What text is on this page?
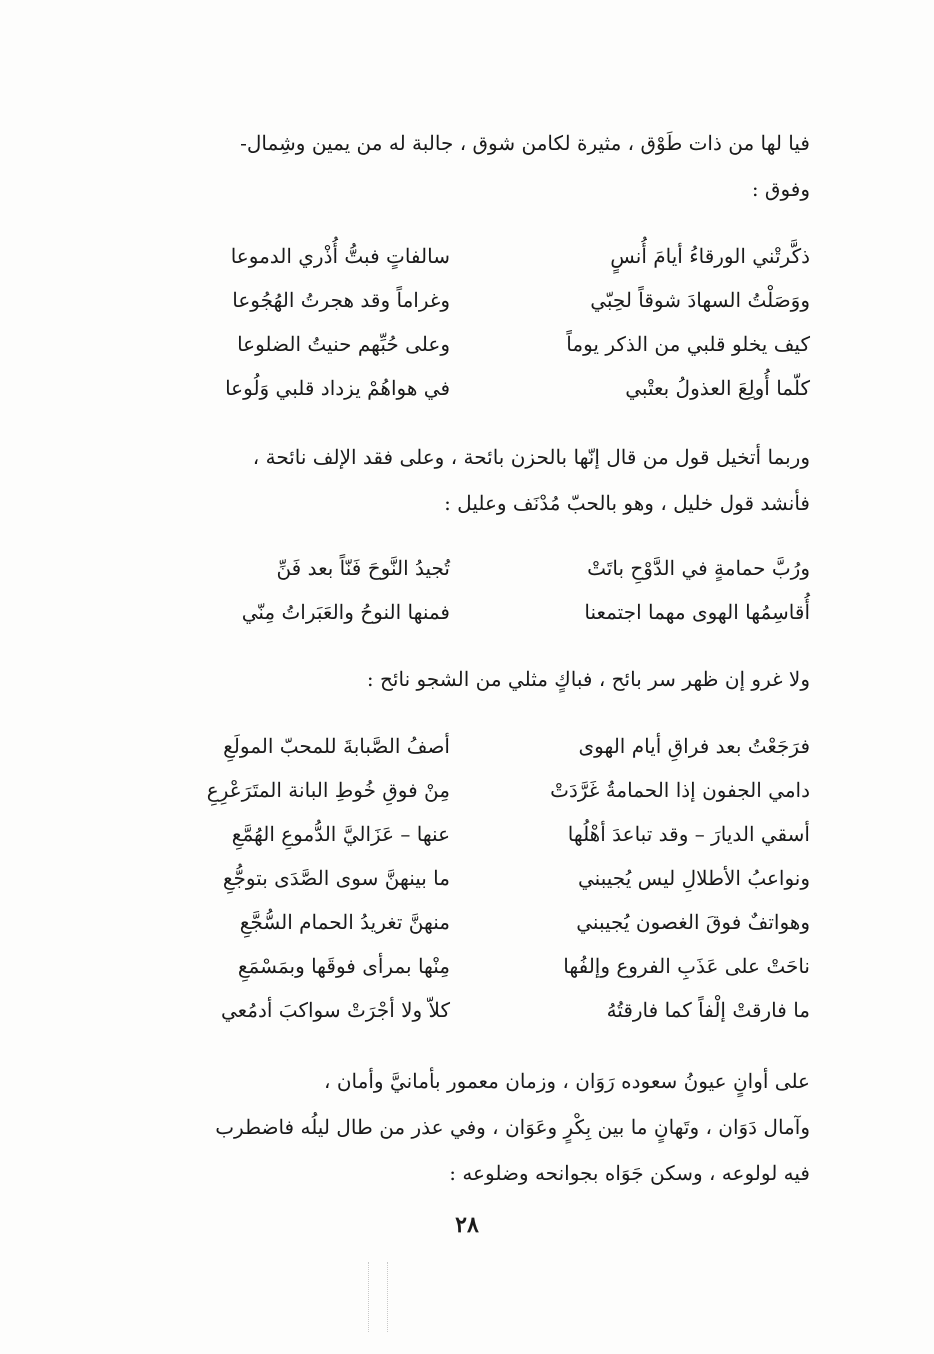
فيا لها من ذات طَوْق ، مثيرة لكامن شوق ، جالبة له من يمين وشِمال-

وفوق :

ذكَّرتْني الورقاءُ أيامَ أُنسٍ
سالفاتٍ فبتُّ أُذْري الدموعا
ووَصَلْتُ السهادَ شوقاً لحِبّي
وغراماً وقد هجرتُ الهُجُوعا
كيف يخلو قلبي من الذكر يوماً
وعلى حُبِّهم حنيتُ الضلوعا
كلّما أُولِعَ العذولُ بعتْبي
في هواهُمْ يزداد قلبي وَلُوعا

وربما أتخيل قول من قال إنّها بالحزن بائحة ، وعلى فقد الإلف نائحة ،

فأنشد قول خليل ، وهو بالحبّ مُدْنَف وعليل :

ورُبَّ حمامةٍ في الدَّوْحِ باتَتْ
تُجيدُ النَّوحَ فَنّاً بعد فَنِّ
أُقاسِمُها الهوى مهما اجتمعنا
فمنها النوحُ والعَبَراتُ مِنّي

ولا غرو إن ظهر سر بائح ، فباكٍ مثلي من الشجو نائح :

فرَجَعْتُ بعد فراقِ أيام الهوى
أصفُ الصَّبابةَ للمحبّ المولَعِ
دامي الجفون إذا الحمامةُ غَرَّدَتْ
مِنْ فوقِ خُوطِ البانة المتَرَعْرِعِ
أسقي الديارَ – وقد تباعدَ أهْلُها
عنها – عَزَاليَّ الدُّموعِ الهُمَّعِ
ونواعبُ الأطلالِ ليس يُجيبني
ما بينهنَّ سوى الصَّدَى بتوجُّعِ
وهواتفٌ فوقَ الغصون يُجيبني
منهنَّ تغريدُ الحمام السُّجَّعِ
ناحَتْ على عَذَبِ الفروع وإلفُها
مِنْها بمرأى فوقَها وبمَسْمَعِ
ما فارقتْ إلْفاً كما فارقتُهُ
كلاّ ولا أجْرَتْ سواكبَ أدمُعي

على أوانٍ عيونُ سعوده رَوَان ، وزمان معمور بأمانيَّ وأمان ،

وآمال دَوَان ، وتَهانٍ ما بين بِكْرٍ وعَوَان ، وفي عذر من طال ليلُه فاضطرب

فيه لولوعه ، وسكن جَوَاه بجوانحه وضلوعه :

٢٨
